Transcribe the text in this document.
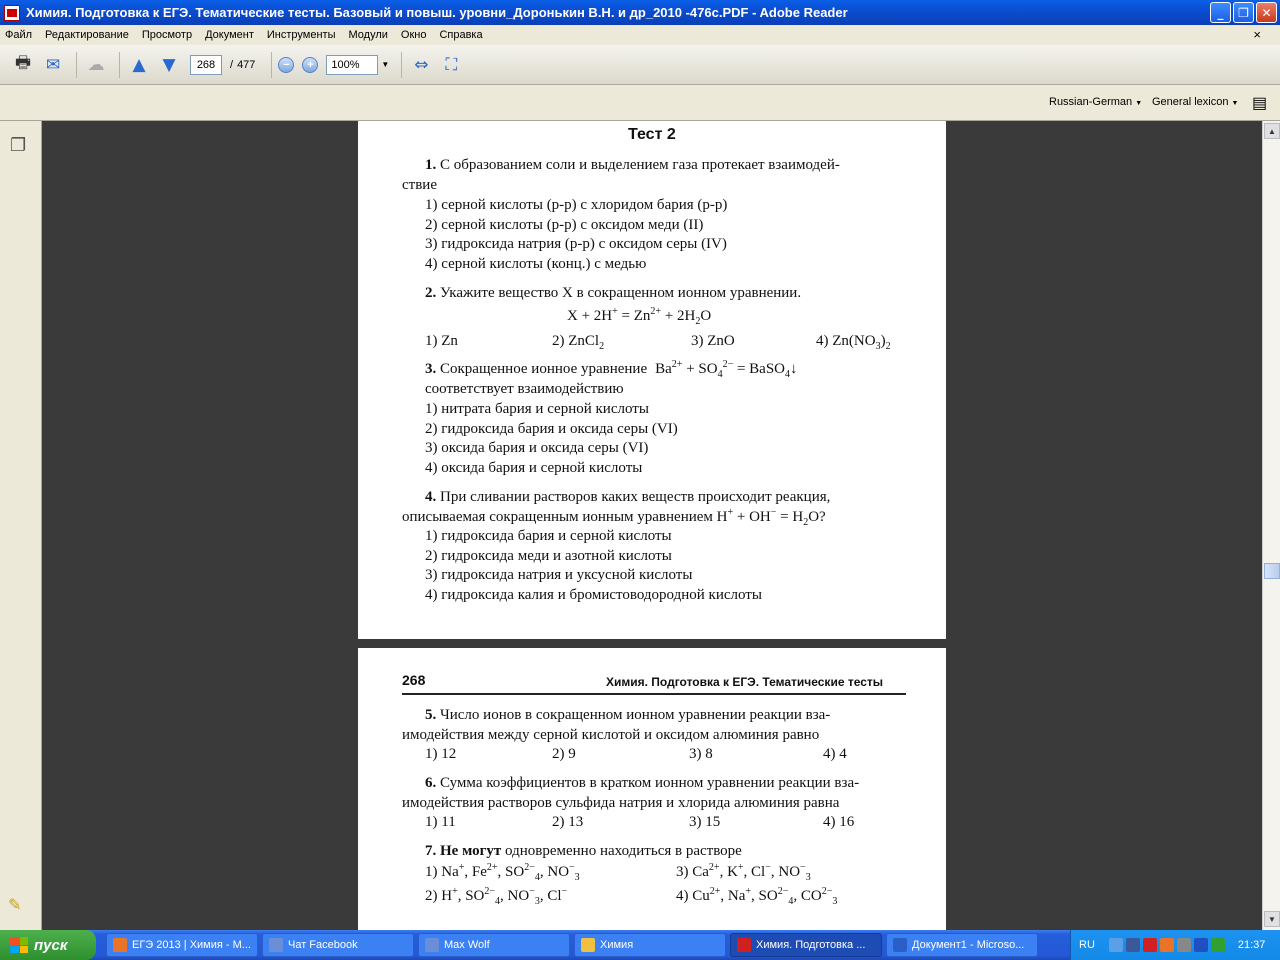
Химия. Подготовка к ЕГЭ. Тематические тесты. Базовый и повыш. уровни_Доронькин В.Н. и др_2010 -476с.PDF - Adobe Reader	_	❐	✕
Файл Редактирование Просмотр Документ Инструменты Модули Окно Справка	×
🖶 ✉	☁	▲ ▼	268	/ 477	−	+	100%	▼	⇔ ⛶
Russian-German ▼ General lexicon ▼ ▤
❐
✎
Тест 2
1. С образованием соли и выделением газа протекает взаимодей-
ствие
1) серной кислоты (р-р) с хлоридом бария (р-р)
2) серной кислоты (р-р) с оксидом меди (II)
3) гидроксида натрия (р-р) с оксидом серы (IV)
4) серной кислоты (конц.) с медью
2. Укажите вещество X в сокращенном ионном уравнении.
$X + 2H^+ = Zn^{2+} + 2H_2O$
1) Zn	2) ZnCl$_2$	3) ZnO	4) $Zn(NO_3)_2$
3. Сокращенное ионное уравнение $Ba^{2+} + SO_4^{2-}$ = BaSO$_4$↓
соответствует взаимодействию
1) нитрата бария и серной кислоты
2) гидроксида бария и оксида серы (VI)
3) оксида бария и оксида серы (VI)
4) оксида бария и серной кислоты
4. При сливании растворов каких веществ происходит реакция,
описываемая сокращенным ионным уравнением $H^+ + OH^- = H_2O$?
1) гидроксида бария и серной кислоты
2) гидроксида меди и азотной кислоты
3) гидроксида натрия и уксусной кислоты
4) гидроксида калия и бромистоводородной кислоты
268	Химия. Подготовка к ЕГЭ. Тематические тесты
5. Число ионов в сокращенном ионном уравнении реакции вза-
имодействия между серной кислотой и оксидом алюминия равно
1) 12	2) 9	3) 8	4) 4
6. Сумма коэффициентов в кратком ионном уравнении реакции вза-
имодействия растворов сульфида натрия и хлорида алюминия равна
1) 11	2) 13	3) 15	4) 16
7. Не могут одновременно находиться в растворе
1) Na+, $Fe^{2+}$, $SO^{2-}_4$, $NO^-_3$	3) $Ca^{2+}$, K+, Cl−, $NO^-_3$
2) H+, $SO^{2-}_4$, $NO^-_3$, Cl−	4) $Cu^{2+}$, Na+, $SO^{2-}_4$, $CO^{2-}_3$
▲
▼
пуск	ЕГЭ 2013 | Химия - М...	Чат Facebook	Max Wolf	Химия	Химия. Подготовка ...	Документ1 - Microso...	RU	21:37
